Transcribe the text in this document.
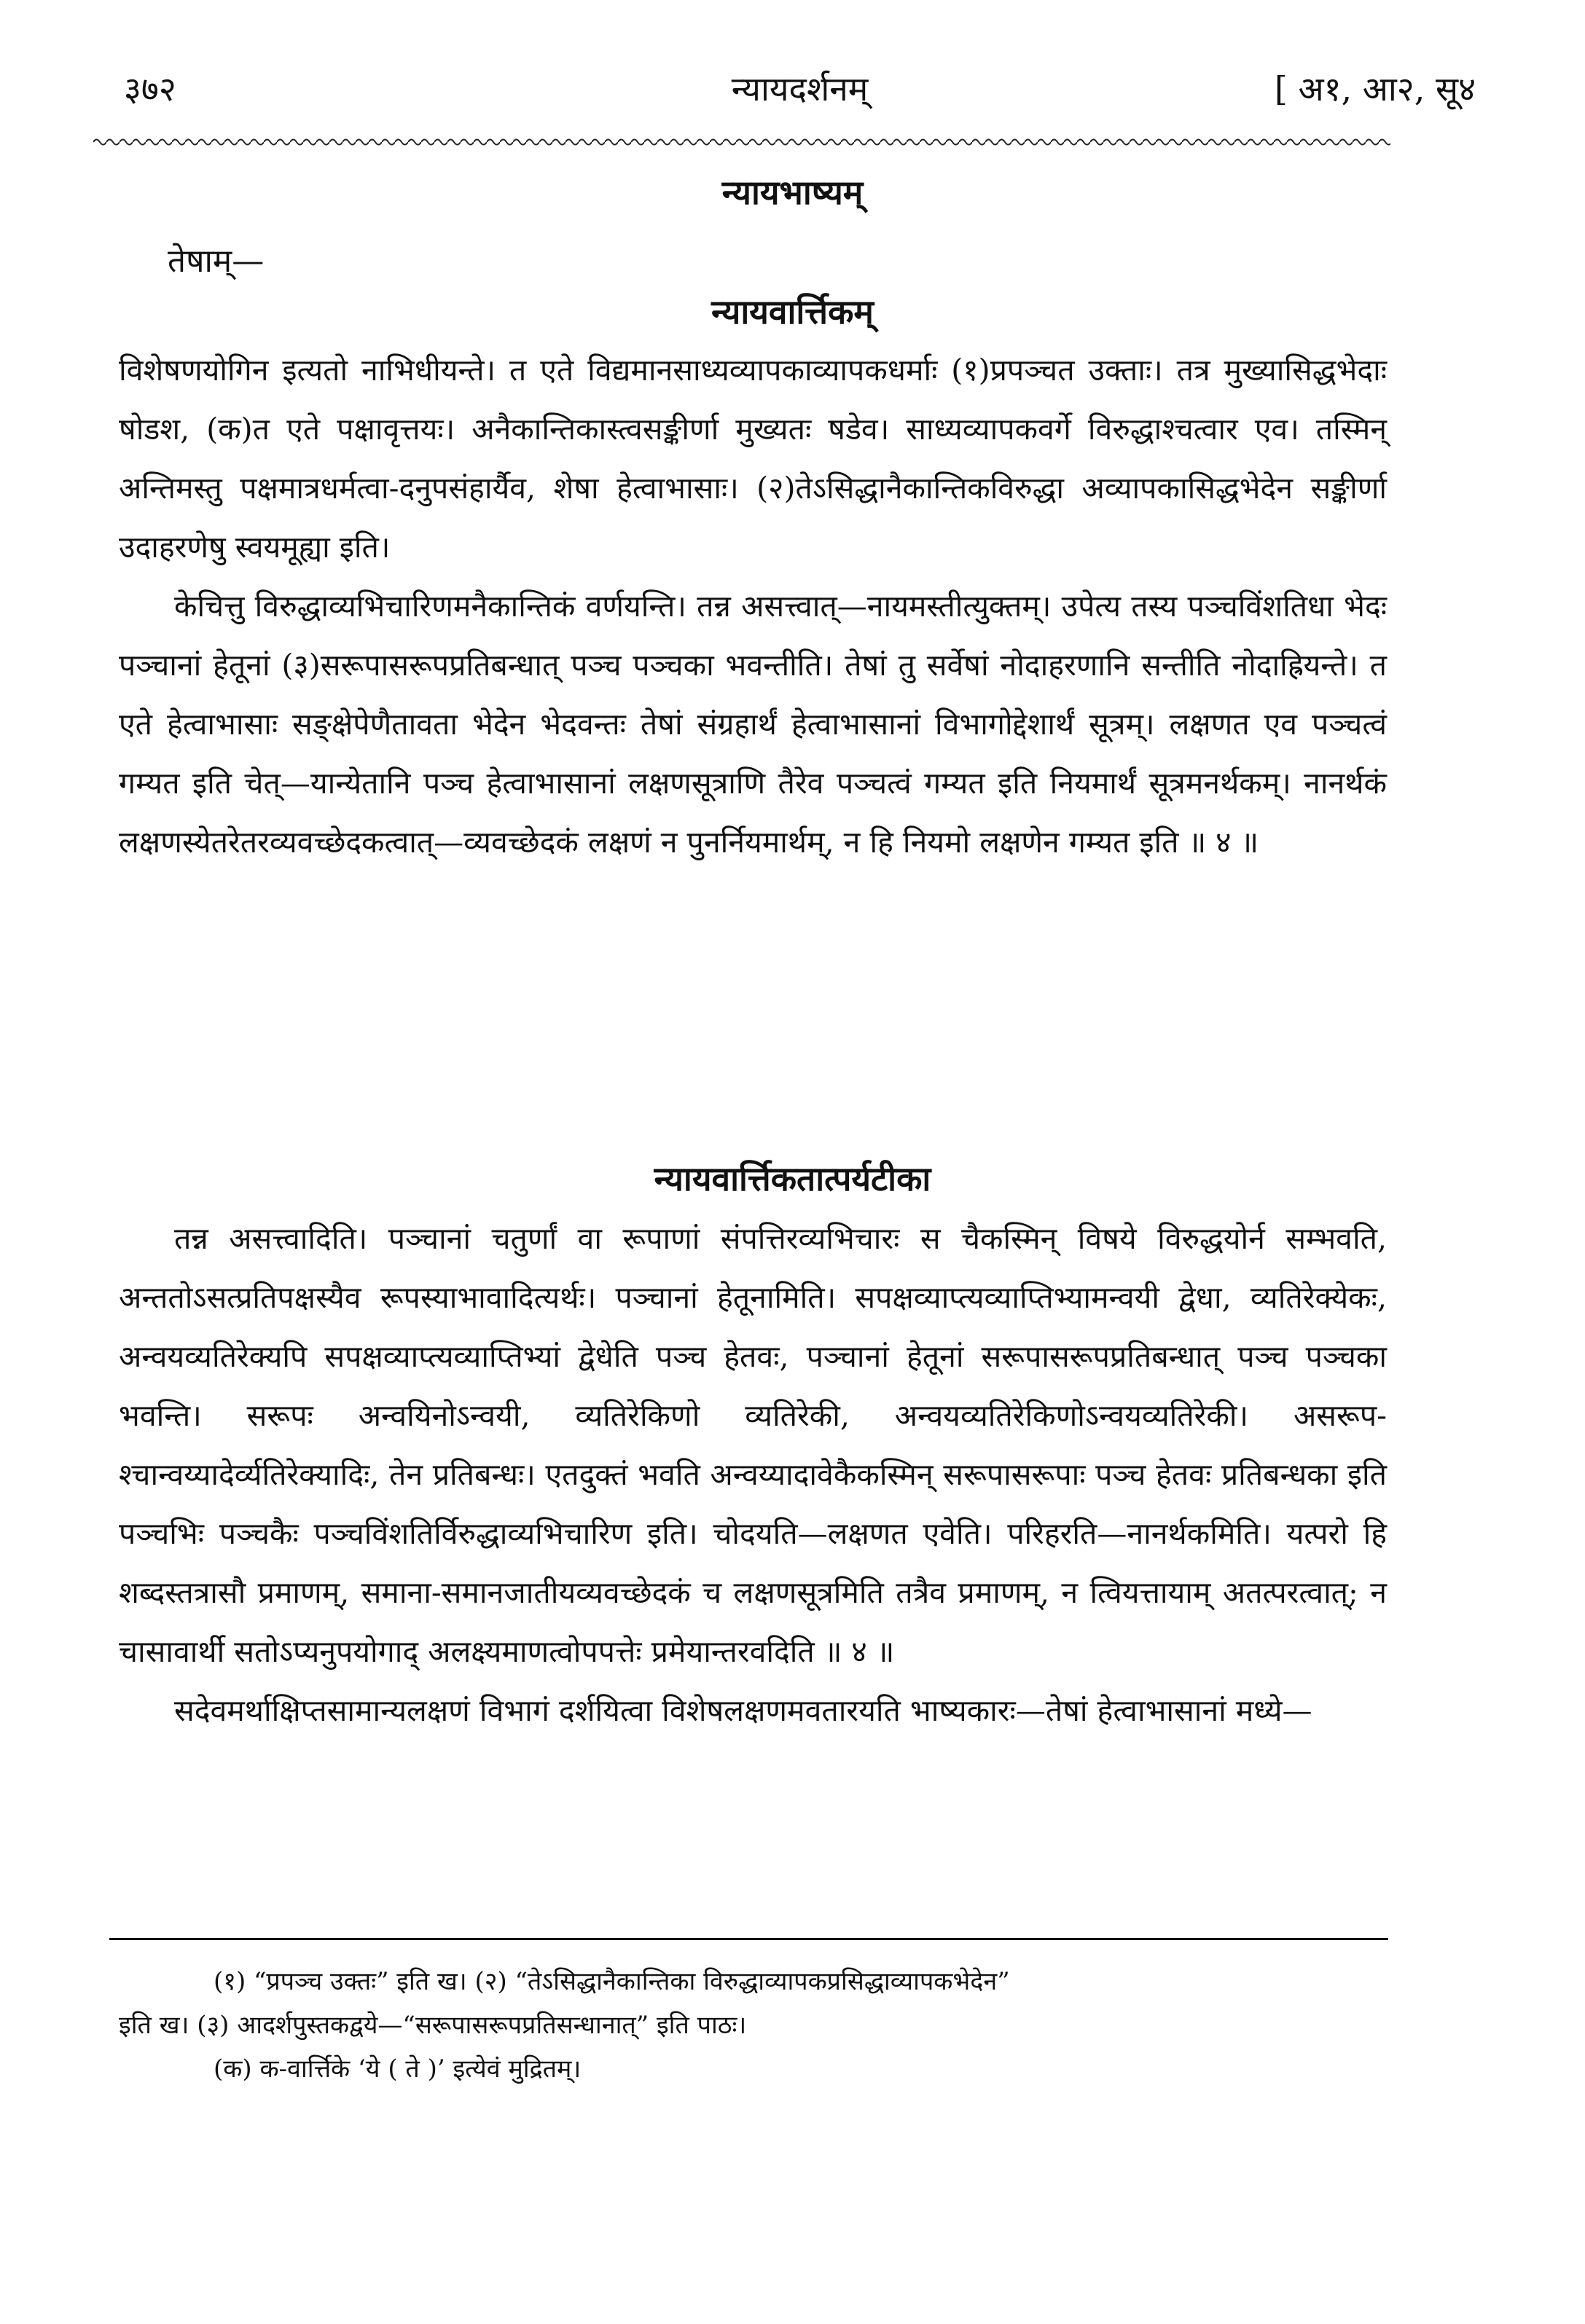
३७२	न्यायदर्शनम्	[ अ१, आ२, सू४
न्यायभाष्यम्
तेषाम्—
न्यायवार्त्तिकम्

विशेषणयोगिन इत्यतो नाभिधीयन्ते। त एते विद्यमानसाध्यव्यापकाव्यापकधर्माः (१)प्रपञ्चत उक्ताः। तत्र मुख्यासिद्धभेदाः षोडश, (क)त एते पक्षावृत्तयः। अनैकान्तिकास्त्वसङ्कीर्णा मुख्यतः षडेव। साध्यव्यापकवर्गे विरुद्धाश्चत्वार एव। तस्मिन् अन्तिमस्तु पक्षमात्रधर्मत्वा-दनुपसंहार्यैव, शेषा हेत्वाभासाः। (२)तेऽसिद्धानैकान्तिकविरुद्धा अव्यापकासिद्धभेदेन सङ्कीर्णा उदाहरणेषु स्वयमूह्या इति।

केचित्तु विरुद्धाव्यभिचारिणमनैकान्तिकं वर्णयन्ति। तन्न असत्त्वात्—नायमस्तीत्युक्तम्। उपेत्य तस्य पञ्चविंशतिधा भेदः पञ्चानां हेतूनां (३)सरूपासरूपप्रतिबन्धात् पञ्च पञ्चका भवन्तीति। तेषां तु सर्वेषां नोदाहरणानि सन्तीति नोदाह्रियन्ते। त एते हेत्वाभासाः सङ्क्षेपेणैतावता भेदेन भेदवन्तः तेषां संग्रहार्थं हेत्वाभासानां विभागोद्देशार्थं सूत्रम्। लक्षणत एव पञ्चत्वं गम्यत इति चेत्—यान्येतानि पञ्च हेत्वाभासानां लक्षणसूत्राणि तैरेव पञ्चत्वं गम्यत इति नियमार्थं सूत्रमनर्थकम्। नानर्थकं लक्षणस्येतरेतरव्यवच्छेदकत्वात्—व्यवच्छेदकं लक्षणं न पुनर्नियमार्थम्, न हि नियमो लक्षणेन गम्यत इति ॥ ४ ॥

न्यायवार्त्तिकतात्पर्यटीका

तन्न असत्त्वादिति। पञ्चानां चतुर्णां वा रूपाणां संपत्तिरव्यभिचारः स चैकस्मिन् विषये विरुद्धयोर्न सम्भवति, अन्ततोऽसत्प्रतिपक्षस्यैव रूपस्याभावादित्यर्थः। पञ्चानां हेतूनामिति। सपक्षव्याप्त्यव्याप्तिभ्यामन्वयी द्वेधा, व्यतिरेक्येकः, अन्वयव्यतिरेक्यपि सपक्षव्याप्त्यव्याप्तिभ्यां द्वेधेति पञ्च हेतवः, पञ्चानां हेतूनां सरूपासरूपप्रतिबन्धात् पञ्च पञ्चका भवन्ति। सरूपः अन्वयिनोऽन्वयी, व्यतिरेकिणो व्यतिरेकी, अन्वयव्यतिरेकिणोऽन्वयव्यतिरेकी। असरूप-श्चान्वय्यादेर्व्यतिरेक्यादिः, तेन प्रतिबन्धः। एतदुक्तं भवति अन्वय्यादावेकैकस्मिन् सरूपासरूपाः पञ्च हेतवः प्रतिबन्धका इति पञ्चभिः पञ्चकैः पञ्चविंशतिर्विरुद्धाव्यभिचारिण इति। चोदयति—लक्षणत एवेति। परिहरति—नानर्थकमिति। यत्परो हि शब्दस्तत्रासौ प्रमाणम्, समाना-समानजातीयव्यवच्छेदकं च लक्षणसूत्रमिति तत्रैव प्रमाणम्, न त्वियत्तायाम् अतत्परत्वात्; न चासावार्थी सतोऽप्यनुपयोगाद् अलक्ष्यमाणत्वोपपत्तेः प्रमेयान्तरवदिति ॥ ४ ॥

सदेवमर्थाक्षिप्तसामान्यलक्षणं विभागं दर्शयित्वा विशेषलक्षणमवतारयति भाष्यकारः—तेषां हेत्वाभासानां मध्ये—

(१) “प्रपञ्च उक्तः” इति ख। (२) “तेऽसिद्धानैकान्तिका विरुद्धाव्यापकप्रसिद्धाव्यापकभेदेन”

इति ख। (३) आदर्शपुस्तकद्वये—“सरूपासरूपप्रतिसन्धानात्” इति पाठः।

(क) क-वार्त्तिके ‘ये ( ते )’ इत्येवं मुद्रितम्।
